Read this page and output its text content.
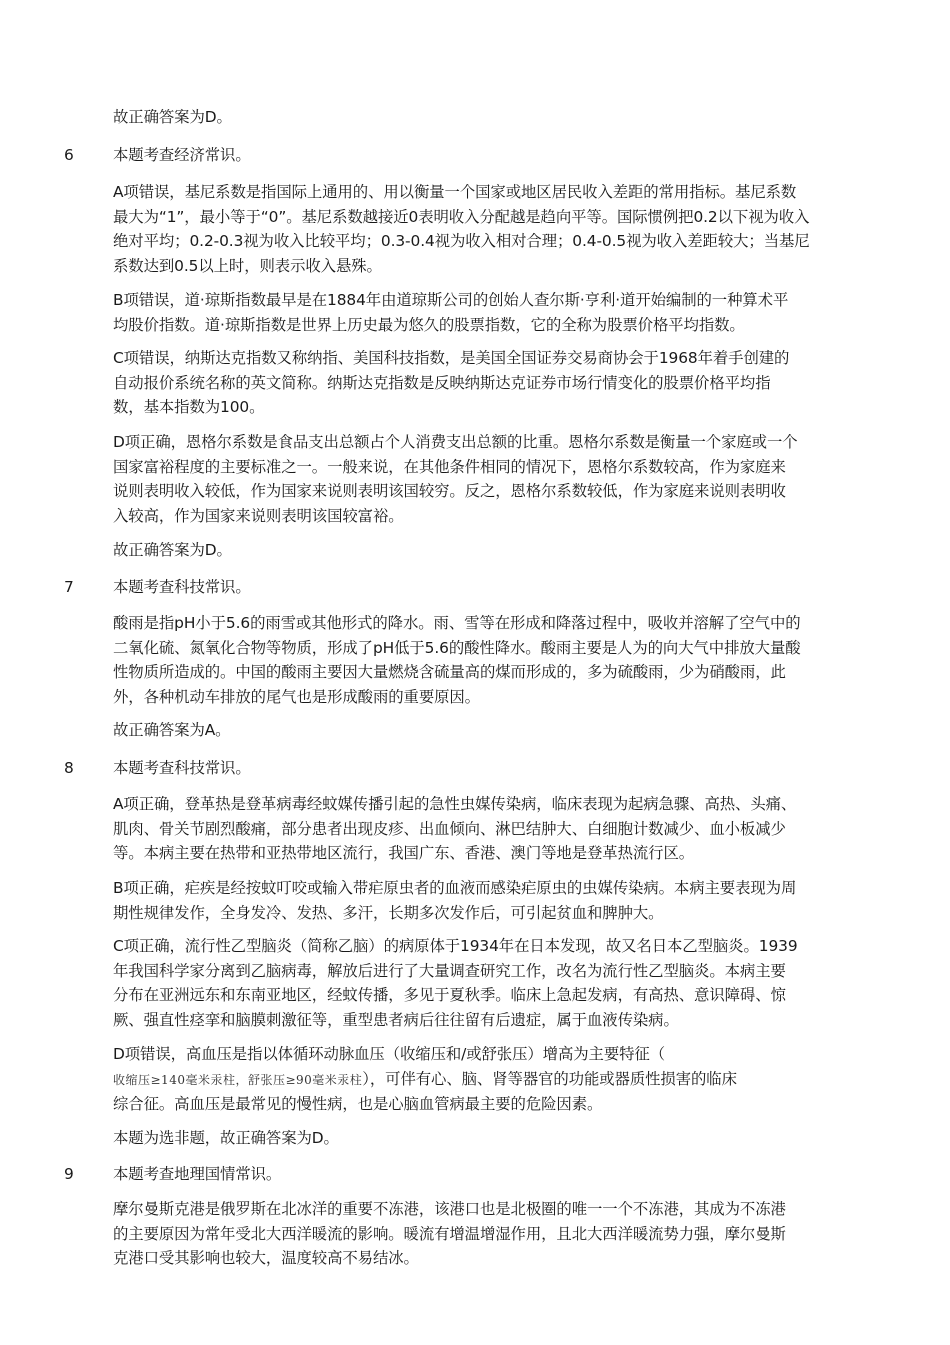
故正确答案为D。
6	本题考查经济常识。
A项错误，基尼系数是指国际上通用的、用以衡量一个国家或地区居民收入差距的常用指标。基尼系数
最大为“1”，最小等于“0”。基尼系数越接近0表明收入分配越是趋向平等。国际惯例把0.2以下视为收入
绝对平均；0.2-0.3视为收入比较平均；0.3-0.4视为收入相对合理；0.4-0.5视为收入差距较大；当基尼
系数达到0.5以上时，则表示收入悬殊。
B项错误，道·琼斯指数最早是在1884年由道琼斯公司的创始人查尔斯·亨利·道开始编制的一种算术平
均股价指数。道·琼斯指数是世界上历史最为悠久的股票指数，它的全称为股票价格平均指数。
C项错误，纳斯达克指数又称纳指、美国科技指数，是美国全国证券交易商协会于1968年着手创建的
自动报价系统名称的英文简称。纳斯达克指数是反映纳斯达克证券市场行情变化的股票价格平均指
数，基本指数为100。
D项正确，恩格尔系数是食品支出总额占个人消费支出总额的比重。恩格尔系数是衡量一个家庭或一个
国家富裕程度的主要标准之一。一般来说，在其他条件相同的情况下，恩格尔系数较高，作为家庭来
说则表明收入较低，作为国家来说则表明该国较穷。反之，恩格尔系数较低，作为家庭来说则表明收
入较高，作为国家来说则表明该国较富裕。
故正确答案为D。
7	本题考查科技常识。
酸雨是指pH小于5.6的雨雪或其他形式的降水。雨、雪等在形成和降落过程中，吸收并溶解了空气中的
二氧化硫、氮氧化合物等物质，形成了pH低于5.6的酸性降水。酸雨主要是人为的向大气中排放大量酸
性物质所造成的。中国的酸雨主要因大量燃烧含硫量高的煤而形成的，多为硫酸雨，少为硝酸雨，此
外，各种机动车排放的尾气也是形成酸雨的重要原因。
故正确答案为A。
8	本题考查科技常识。
A项正确，登革热是登革病毒经蚊媒传播引起的急性虫媒传染病，临床表现为起病急骤、高热、头痛、
肌肉、骨关节剧烈酸痛，部分患者出现皮疹、出血倾向、淋巴结肿大、白细胞计数减少、血小板减少
等。本病主要在热带和亚热带地区流行，我国广东、香港、澳门等地是登革热流行区。
B项正确，疟疾是经按蚊叮咬或输入带疟原虫者的血液而感染疟原虫的虫媒传染病。本病主要表现为周
期性规律发作，全身发冷、发热、多汗，长期多次发作后，可引起贫血和脾肿大。
C项正确，流行性乙型脑炎（简称乙脑）的病原体于1934年在日本发现，故又名日本乙型脑炎。1939
年我国科学家分离到乙脑病毒，解放后进行了大量调查研究工作，改名为流行性乙型脑炎。本病主要
分布在亚洲远东和东南亚地区，经蚊传播，多见于夏秋季。临床上急起发病，有高热、意识障碍、惊
厥、强直性痉挛和脑膜刺激征等，重型患者病后往往留有后遗症，属于血液传染病。
D项错误，高血压是指以体循环动脉血压（收缩压和/或舒张压）增高为主要特征（
收缩压≥140毫米汞柱，舒张压≥90毫米汞柱），可伴有心、脑、肾等器官的功能或器质性损害的临床
综合征。高血压是最常见的慢性病，也是心脑血管病最主要的危险因素。
本题为选非题，故正确答案为D。
9	本题考查地理国情常识。
摩尔曼斯克港是俄罗斯在北冰洋的重要不冻港，该港口也是北极圈的唯一一个不冻港，其成为不冻港
的主要原因为常年受北大西洋暖流的影响。暖流有增温增湿作用，且北大西洋暖流势力强，摩尔曼斯
克港口受其影响也较大，温度较高不易结冰。
